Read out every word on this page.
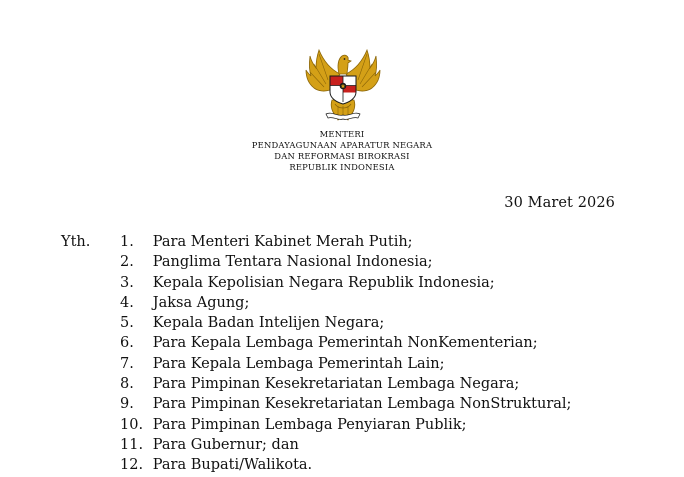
MENTERI
PENDAYAGUNAAN APARATUR NEGARA
DAN REFORMASI BIROKRASI
REPUBLIK INDONESIA
30 Maret 2026
Yth. 1.	Para Menteri Kabinet Merah Putih;
2.	Panglima Tentara Nasional Indonesia;
3.	Kepala Kepolisian Negara Republik Indonesia;
4.	Jaksa Agung;
5.	Kepala Badan Intelijen Negara;
6.	Para Kepala Lembaga Pemerintah NonKementerian;
7.	Para Kepala Lembaga Pemerintah Lain;
8.	Para Pimpinan Kesekretariatan Lembaga Negara;
9.	Para Pimpinan Kesekretariatan Lembaga NonStruktural;
10. Para Pimpinan Lembaga Penyiaran Publik;
11. Para Gubernur; dan
12. Para Bupati/Walikota.
